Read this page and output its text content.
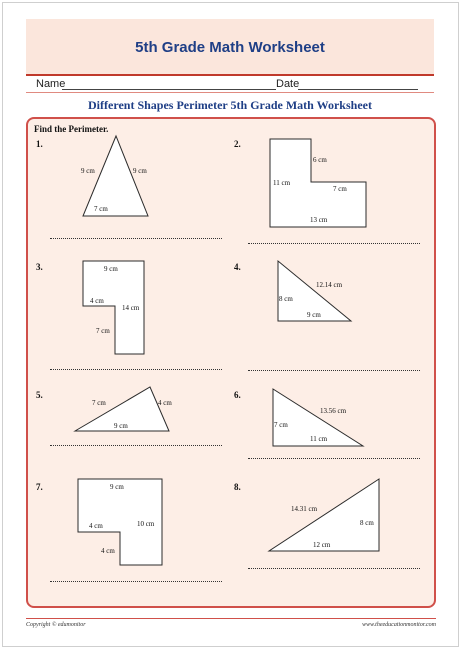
5th Grade Math Worksheet
Name	Date
Different Shapes Perimeter 5th Grade Math Worksheet
Find the Perimeter.
1.
9 cm	9 cm
7 cm
2.
6 cm
11 cm
7 cm
13 cm
3.	9 cm
4 cm
14 cm
7 cm
4.
12.14 cm
8 cm
9 cm
5.
7 cm	4 cm
9 cm
6.
13.56 cm
7 cm
11 cm
7.	9 cm
4 cm	10 cm
4 cm
8.
14.31 cm
8 cm
12 cm
Copyright © edumonitor	www.theeducationmonitor.com
